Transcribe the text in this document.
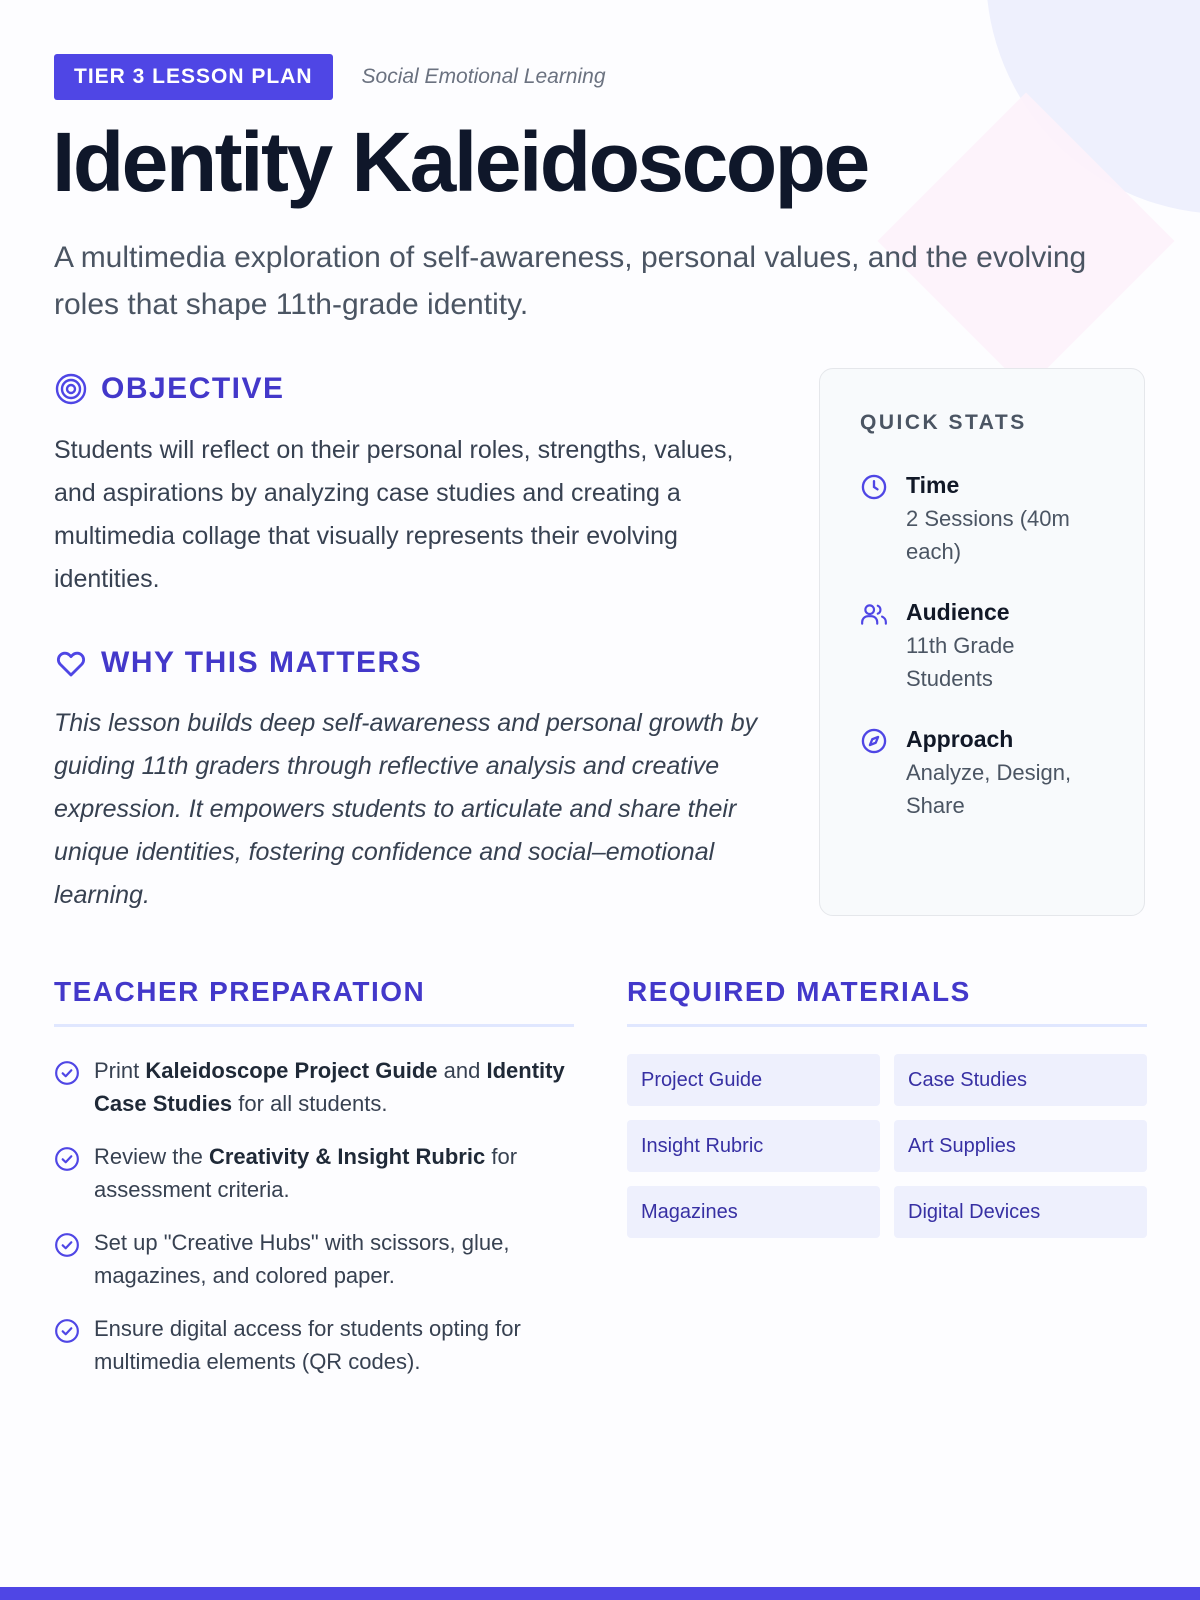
TIER 3 LESSON PLAN	Social Emotional Learning
Identity Kaleidoscope

A multimedia exploration of self-awareness, personal values, and the evolving roles that shape 11th-grade identity.

OBJECTIVE
Students will reflect on their personal roles, strengths, values, and aspirations by analyzing case studies and creating a multimedia collage that visually represents their evolving identities.
WHY THIS MATTERS
This lesson builds deep self-awareness and personal growth by guiding 11th graders through reflective analysis and creative expression. It empowers students to articulate and share their unique identities, fostering confidence and social–emotional learning.
QUICK STATS
Time
2 Sessions (40m each)
Audience
11th Grade Students
Approach
Analyze, Design, Share
TEACHER PREPARATION
Print Kaleidoscope Project Guide and Identity Case Studies for all students.
Review the Creativity & Insight Rubric for assessment criteria.
Set up "Creative Hubs" with scissors, glue, magazines, and colored paper.
Ensure digital access for students opting for multimedia elements (QR codes).
REQUIRED MATERIALS
Project Guide	Case Studies
Insight Rubric	Art Supplies
Magazines	Digital Devices
